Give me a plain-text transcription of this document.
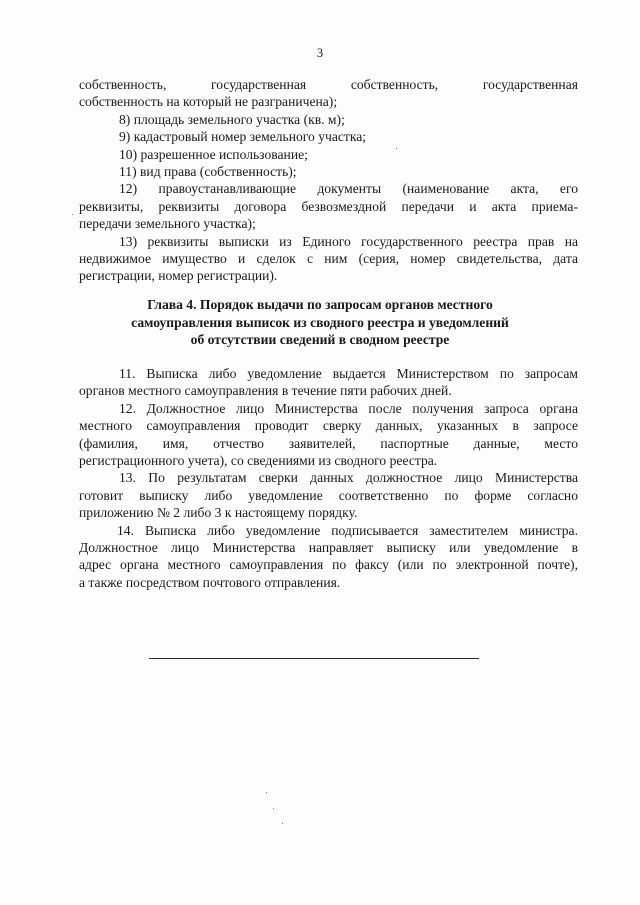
3
собственность, государственная собственность, государственная
собственность на который не разграничена);
8) площадь земельного участка (кв. м);
9) кадастровый номер земельного участка;
10) разрешенное использование;
11) вид права (собственность);
12) правоустанавливающие документы (наименование акта, его
реквизиты, реквизиты договора безвозмездной передачи и акта приема-
передачи земельного участка);
13) реквизиты выписки из Единого государственного реестра прав на
недвижимое имущество и сделок с ним (серия, номер свидетельства, дата
регистрации, номер регистрации).
Глава 4. Порядок выдачи по запросам органов местного
самоуправления выписок из сводного реестра и уведомлений
об отсутствии сведений в сводном реестре
11. Выписка либо уведомление выдается Министерством по запросам
органов местного самоуправления в течение пяти рабочих дней.
12. Должностное лицо Министерства после получения запроса органа
местного самоуправления проводит сверку данных, указанных в запросе
(фамилия, имя, отчество заявителей, паспортные данные, место
регистрационного учета), со сведениями из сводного реестра.
13. По результатам сверки данных должностное лицо Министерства
готовит выписку либо уведомление соответственно по форме согласно
приложению № 2 либо 3 к настоящему порядку.
14. Выписка либо уведомление подписывается заместителем министра.
Должностное лицо Министерства направляет выписку или уведомление в
адрес органа местного самоуправления по факсу (или по электронной почте),
а также посредством почтового отправления.
